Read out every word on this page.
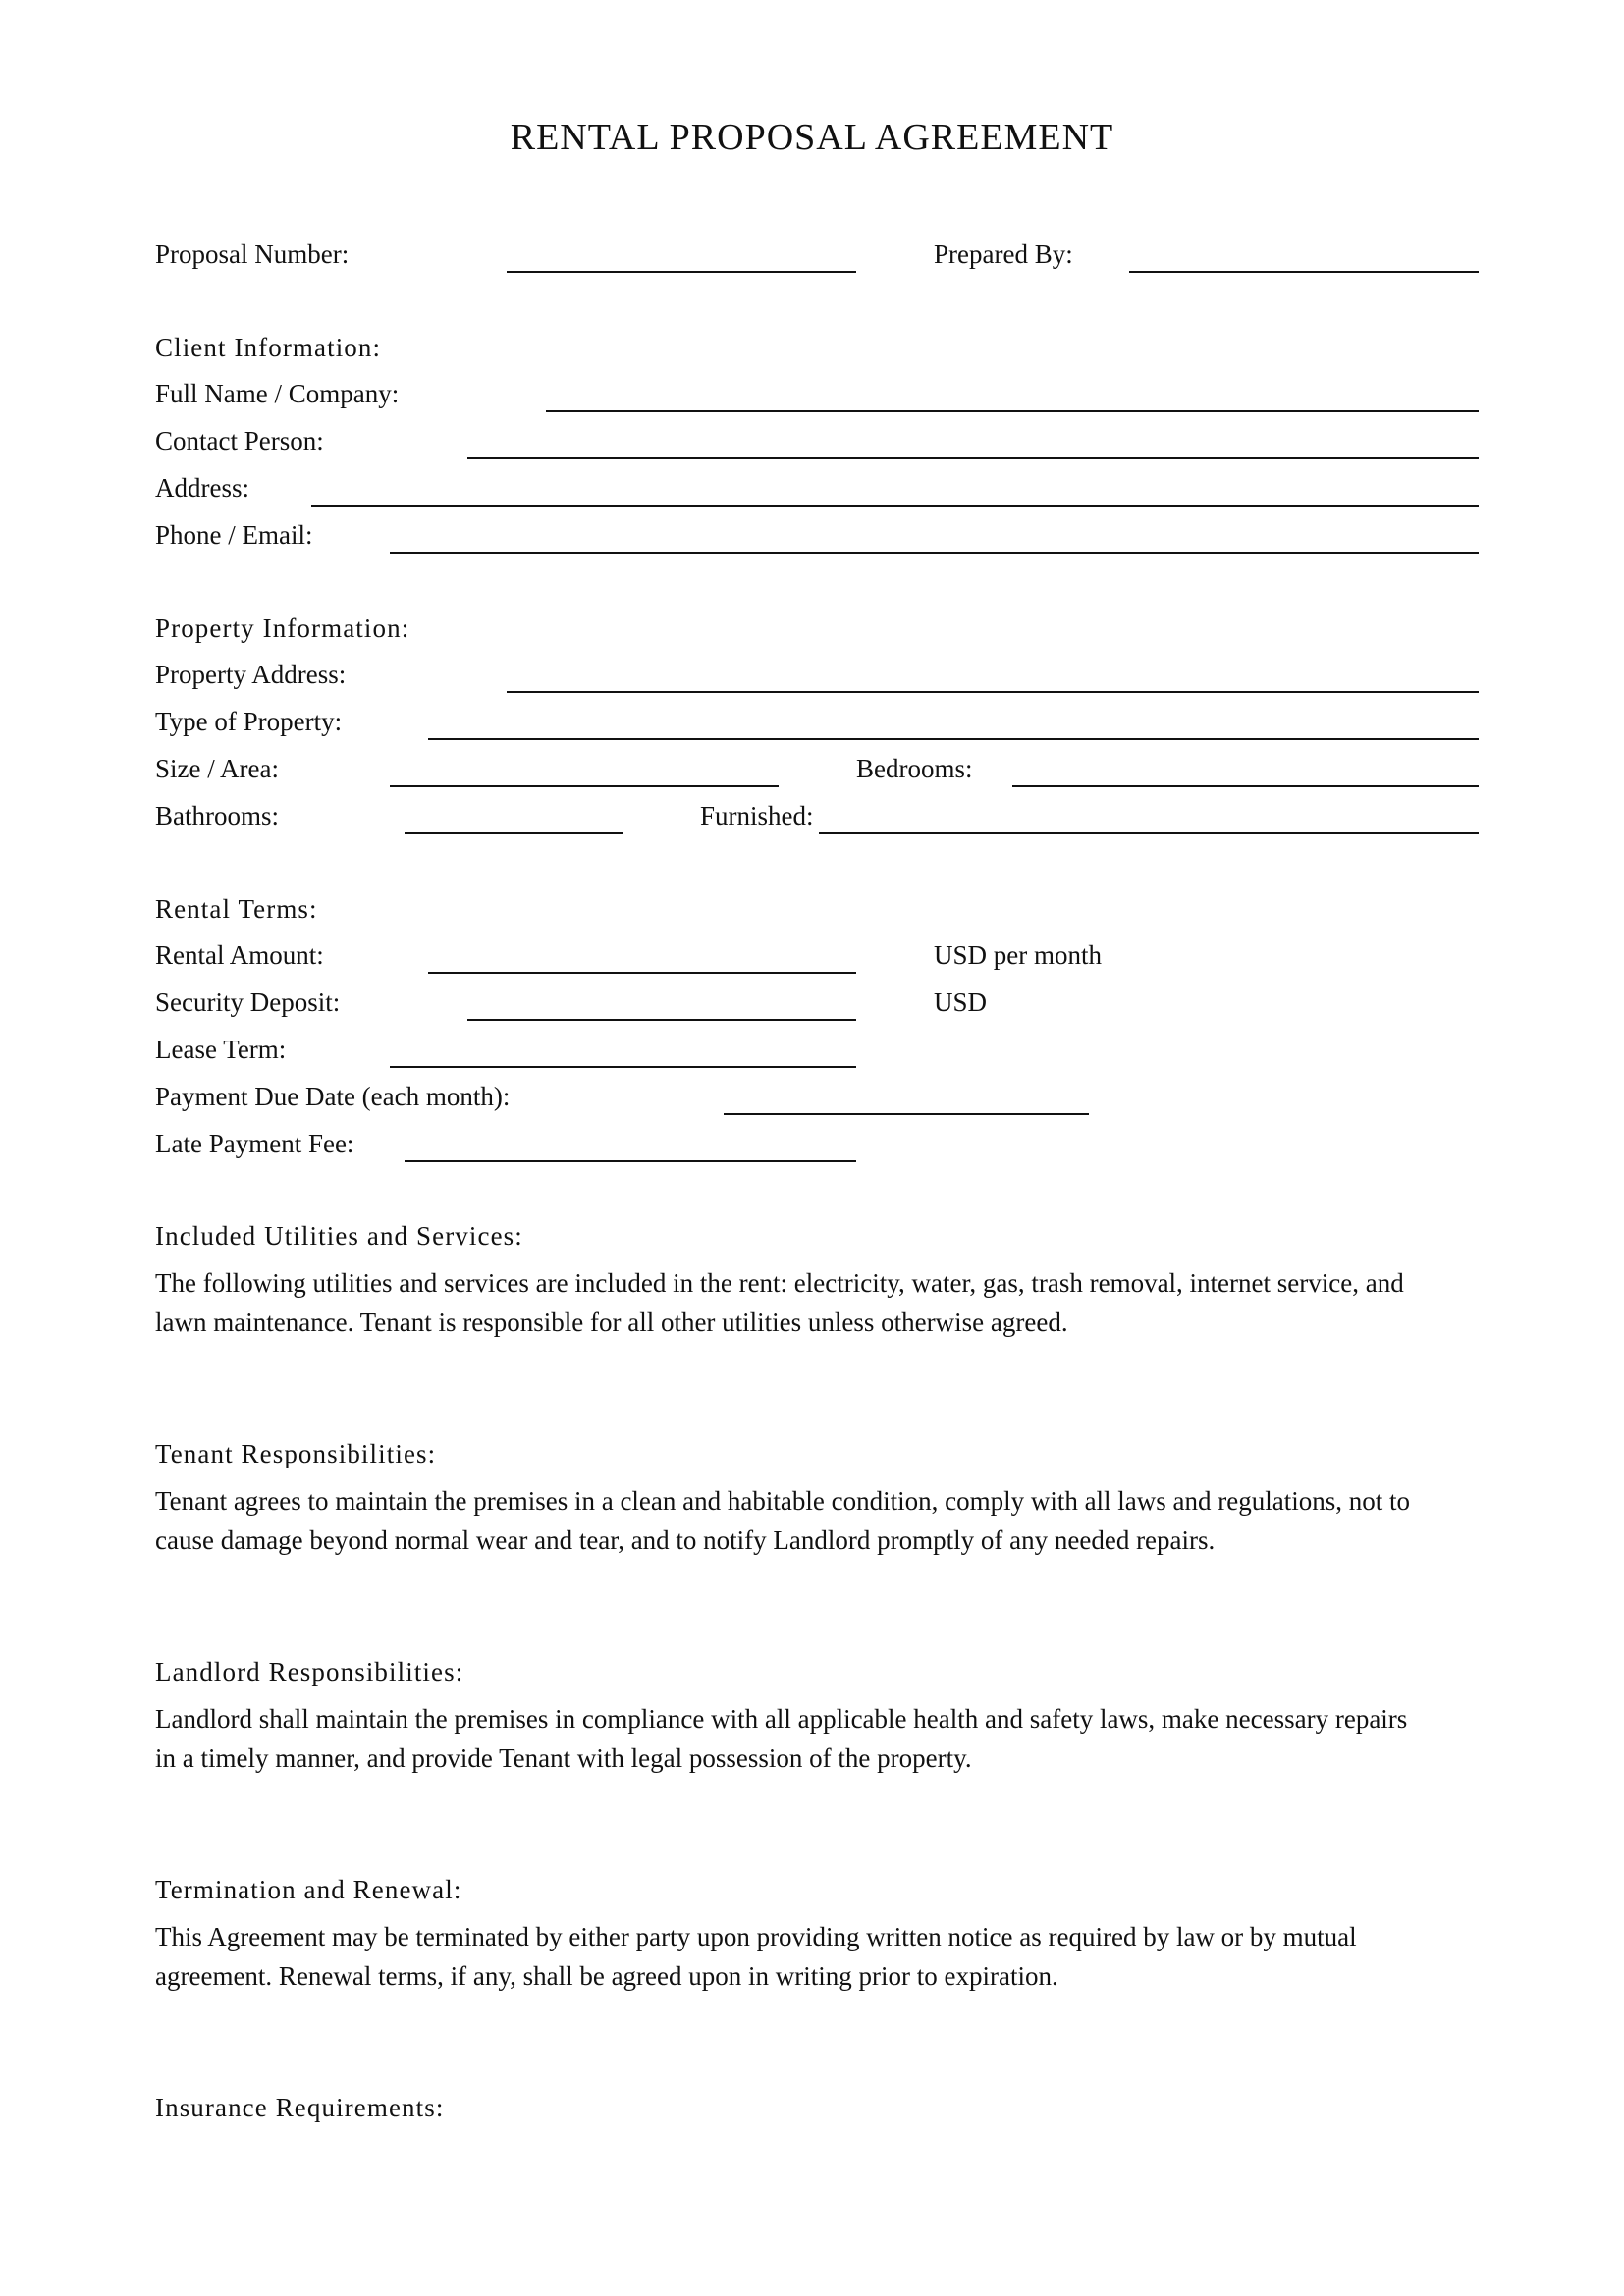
RENTAL PROPOSAL AGREEMENT
Proposal Number:	Prepared By:
Client Information:
Full Name / Company:
Contact Person:
Address:
Phone / Email:
Property Information:
Property Address:
Type of Property:
Size / Area:	Bedrooms:
Bathrooms:	Furnished:
Rental Terms:
Rental Amount:	USD per month
Security Deposit:	USD
Lease Term:
Payment Due Date (each month):
Late Payment Fee:
Included Utilities and Services:
The following utilities and services are included in the rent: electricity, water, gas, trash removal, internet service, and
lawn maintenance. Tenant is responsible for all other utilities unless otherwise agreed.
Tenant Responsibilities:
Tenant agrees to maintain the premises in a clean and habitable condition, comply with all laws and regulations, not to
cause damage beyond normal wear and tear, and to notify Landlord promptly of any needed repairs.
Landlord Responsibilities:
Landlord shall maintain the premises in compliance with all applicable health and safety laws, make necessary repairs
in a timely manner, and provide Tenant with legal possession of the property.
Termination and Renewal:
This Agreement may be terminated by either party upon providing written notice as required by law or by mutual
agreement. Renewal terms, if any, shall be agreed upon in writing prior to expiration.
Insurance Requirements:
